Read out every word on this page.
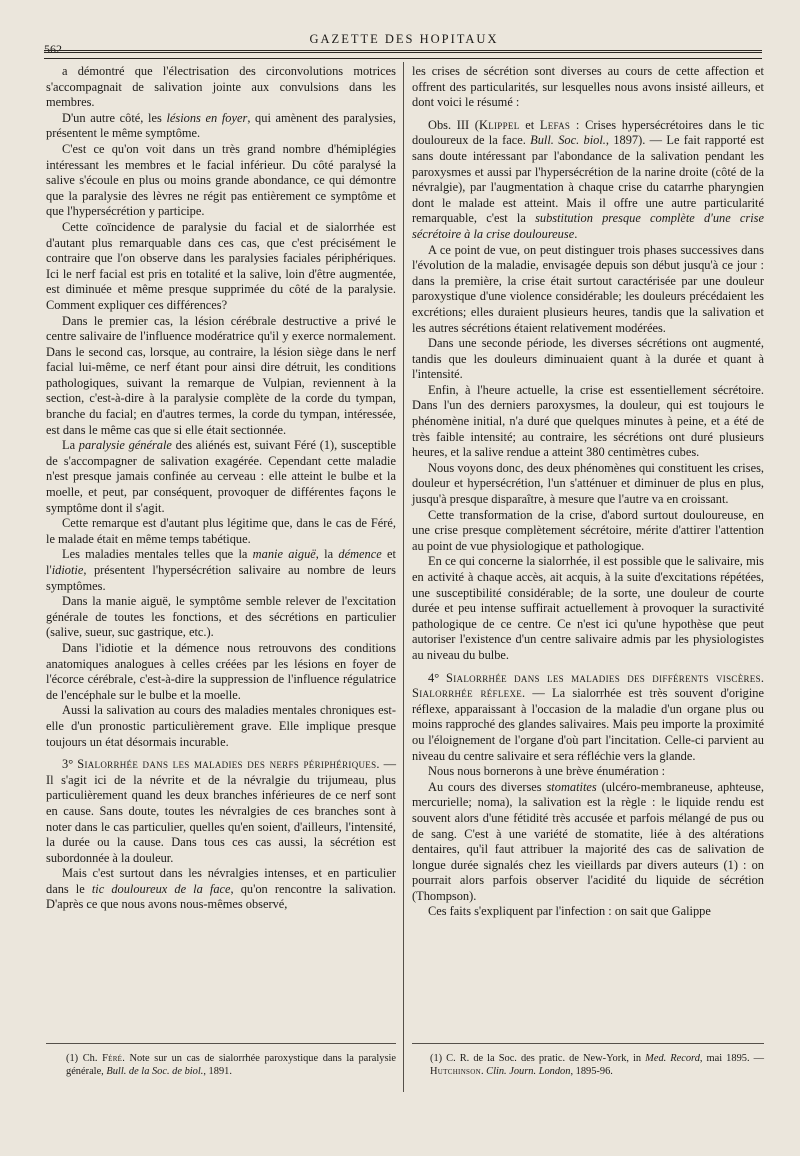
562
GAZETTE DES HOPITAUX

a démontré que l'électrisation des circonvolutions motrices s'accompagnait de salivation jointe aux convulsions dans les membres.

D'un autre côté, les lésions en foyer, qui amènent des paralysies, présentent le même symptôme.

C'est ce qu'on voit dans un très grand nombre d'hémiplégies intéressant les membres et le facial inférieur. Du côté paralysé la salive s'écoule en plus ou moins grande abondance, ce qui démontre que la paralysie des lèvres ne régit pas entièrement ce symptôme et que l'hypersécrétion y participe.

Cette coïncidence de paralysie du facial et de sialorrhée est d'autant plus remarquable dans ces cas, que c'est précisément le contraire que l'on observe dans les paralysies faciales périphériques. Ici le nerf facial est pris en totalité et la salive, loin d'être augmentée, est diminuée et même presque supprimée du côté de la paralysie. Comment expliquer ces différences?

Dans le premier cas, la lésion cérébrale destructive a privé le centre salivaire de l'influence modératrice qu'il y exerce normalement. Dans le second cas, lorsque, au contraire, la lésion siège dans le nerf facial lui-même, ce nerf étant pour ainsi dire détruit, les conditions pathologiques, suivant la remarque de Vulpian, reviennent à la section, c'est-à-dire à la paralysie complète de la corde du tympan, branche du facial; en d'autres termes, la corde du tympan, intéressée, est dans le même cas que si elle était sectionnée.

La paralysie générale des aliénés est, suivant Féré (1), susceptible de s'accompagner de salivation exagérée. Cependant cette maladie n'est presque jamais confinée au cerveau : elle atteint le bulbe et la moelle, et peut, par conséquent, provoquer de différentes façons le symptôme dont il s'agit.

Cette remarque est d'autant plus légitime que, dans le cas de Féré, le malade était en même temps tabétique.

Les maladies mentales telles que la manie aiguë, la démence et l'idiotie, présentent l'hypersécrétion salivaire au nombre de leurs symptômes.

Dans la manie aiguë, le symptôme semble relever de l'excitation générale de toutes les fonctions, et des sécrétions en particulier (salive, sueur, suc gastrique, etc.).

Dans l'idiotie et la démence nous retrouvons des conditions anatomiques analogues à celles créées par les lésions en foyer de l'écorce cérébrale, c'est-à-dire la suppression de l'influence régulatrice de l'encéphale sur le bulbe et la moelle.

Aussi la salivation au cours des maladies mentales chroniques est-elle d'un pronostic particulièrement grave. Elle implique presque toujours un état désormais incurable.

3° Sialorrhée dans les maladies des nerfs périphériques. — Il s'agit ici de la névrite et de la névralgie du trijumeau, plus particulièrement quand les deux branches inférieures de ce nerf sont en cause. Sans doute, toutes les névralgies de ces branches sont à noter dans le cas particulier, quelles qu'en soient, d'ailleurs, l'intensité, la durée ou la cause. Dans tous ces cas aussi, la sécrétion est subordonnée à la douleur.

Mais c'est surtout dans les névralgies intenses, et en particulier dans le tic douloureux de la face, qu'on rencontre la salivation. D'après ce que nous avons nous-mêmes observé,

les crises de sécrétion sont diverses au cours de cette affection et offrent des particularités, sur lesquelles nous avons insisté ailleurs, et dont voici le résumé :

Obs. III (Klippel et Lefas : Crises hypersécrétoires dans le tic douloureux de la face. Bull. Soc. biol., 1897). — Le fait rapporté est sans doute intéressant par l'abondance de la salivation pendant les paroxysmes et aussi par l'hypersécrétion de la narine droite (côté de la névralgie), par l'augmentation à chaque crise du catarrhe pharyngien dont le malade est atteint. Mais il offre une autre particularité remarquable, c'est la substitution presque complète d'une crise sécrétoire à la crise douloureuse.

A ce point de vue, on peut distinguer trois phases successives dans l'évolution de la maladie, envisagée depuis son début jusqu'à ce jour : dans la première, la crise était surtout caractérisée par une douleur paroxystique d'une violence considérable; les douleurs précédaient les excrétions; elles duraient plusieurs heures, tandis que la salivation et les autres sécrétions étaient relativement modérées.

Dans une seconde période, les diverses sécrétions ont augmenté, tandis que les douleurs diminuaient quant à la durée et quant à l'intensité.

Enfin, à l'heure actuelle, la crise est essentiellement sécrétoire. Dans l'un des derniers paroxysmes, la douleur, qui est toujours le phénomène initial, n'a duré que quelques minutes à peine, et a été de très faible intensité; au contraire, les sécrétions ont duré plusieurs heures, et la salive rendue a atteint 380 centimètres cubes.

Nous voyons donc, des deux phénomènes qui constituent les crises, douleur et hypersécrétion, l'un s'atténuer et diminuer de plus en plus, jusqu'à presque disparaître, à mesure que l'autre va en croissant.

Cette transformation de la crise, d'abord surtout douloureuse, en une crise presque complètement sécrétoire, mérite d'attirer l'attention au point de vue physiologique et pathologique.

En ce qui concerne la sialorrhée, il est possible que le salivaire, mis en activité à chaque accès, ait acquis, à la suite d'excitations répétées, une susceptibilité considérable; de la sorte, une douleur de courte durée et peu intense suffirait actuellement à provoquer la suractivité pathologique de ce centre. Ce n'est ici qu'une hypothèse que peut autoriser l'existence d'un centre salivaire admis par les physiologistes au niveau du bulbe.

4° Sialorrhée dans les maladies des différents viscères. Sialorrhée réflexe. — La sialorrhée est très souvent d'origine réflexe, apparaissant à l'occasion de la maladie d'un organe plus ou moins rapproché des glandes salivaires. Mais peu importe la proximité ou l'éloignement de l'organe d'où part l'incitation. Celle-ci parvient au niveau du centre salivaire et sera réfléchie vers la glande.

Nous nous bornerons à une brève énumération :

Au cours des diverses stomatites (ulcéro-membraneuse, aphteuse, mercurielle; noma), la salivation est la règle : le liquide rendu est souvent alors d'une fétidité très accusée et parfois mélangé de pus ou de sang. C'est à une variété de stomatite, liée à des altérations dentaires, qu'il faut attribuer la majorité des cas de salivation de longue durée signalés chez les vieillards par divers auteurs (1) : on pourrait alors parfois observer l'acidité du liquide de sécrétion (Thompson).

Ces faits s'expliquent par l'infection : on sait que Galippe

(1) Ch. Féré. Note sur un cas de sialorrhée paroxystique dans la paralysie générale, Bull. de la Soc. de biol., 1891.
(1) C. R. de la Soc. des pratic. de New-York, in Med. Record, mai 1895. — Hutchinson. Clin. Journ. London, 1895-96.
